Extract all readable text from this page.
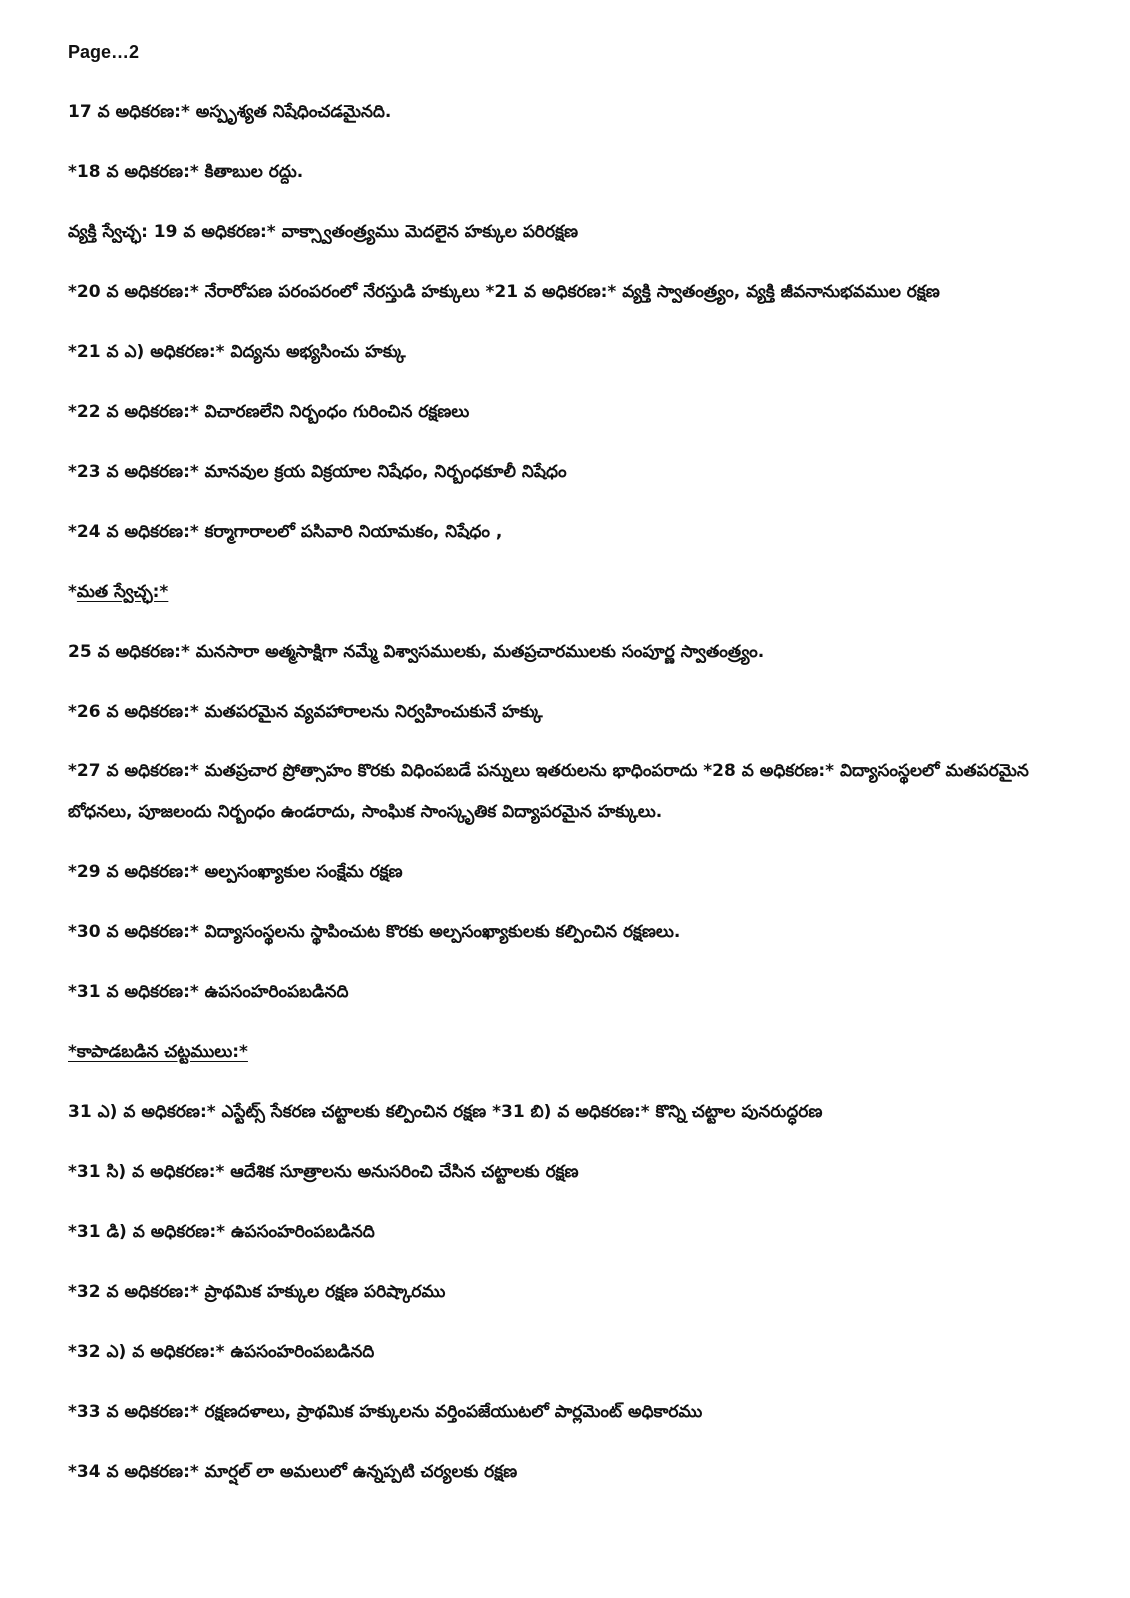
Page…2
17 వ అధికరణ:* అస్పృశ్యత నిషేధించడమైనది.
*18 వ అధికరణ:* కితాబుల రద్దు.
వ్యక్తి స్వేచ్ఛ: 19 వ అధికరణ:* వాక్స్వాతంత్ర్యము మెదలైన హక్కుల పరిరక్షణ
*20 వ అధికరణ:* నేరారోపణ పరంపరంలో నేరస్తుడి హక్కులు *21 వ అధికరణ:* వ్యక్తి స్వాతంత్ర్యం, వ్యక్తి జీవనానుభవముల రక్షణ
*21 వ ఎ) అధికరణ:* విద్యను అభ్యసించు హక్కు
*22 వ అధికరణ:* విచారణలేని నిర్బంధం గురించిన రక్షణలు
*23 వ అధికరణ:* మానవుల క్రయ విక్రయాల నిషేధం, నిర్బంధకూలీ నిషేధం
*24 వ అధికరణ:* కర్మాగారాలలో పసివారి నియామకం, నిషేధం ,
*మత స్వేచ్ఛ:*
25 వ అధికరణ:* మనసారా అత్మసాక్షిగా నమ్మే విశ్వాసములకు, మతప్రచారములకు సంపూర్ణ స్వాతంత్ర్యం.
*26 వ అధికరణ:* మతపరమైన వ్యవహారాలను నిర్వహించుకునే హక్కు
*27 వ అధికరణ:* మతప్రచార ప్రోత్సాహం కొరకు విధింపబడే పన్నులు ఇతరులను భాధింపరాదు *28 వ అధికరణ:* విద్యాసంస్థలలో మతపరమైన బోధనలు, పూజలందు నిర్బంధం ఉండరాదు, సాంఘిక సాంస్కృతిక విద్యాపరమైన హక్కులు.
*29 వ అధికరణ:* అల్పసంఖ్యాకుల సంక్షేమ రక్షణ
*30 వ అధికరణ:* విద్యాసంస్థలను స్థాపించుట కొరకు అల్పసంఖ్యాకులకు కల్పించిన రక్షణలు.
*31 వ అధికరణ:* ఉపసంహరింపబడినది
*కాపాడబడిన చట్టములు:*
31 ఎ) వ అధికరణ:* ఎస్టేట్స్ సేకరణ చట్టాలకు కల్పించిన రక్షణ *31 బి) వ అధికరణ:* కొన్ని చట్టాల పునరుద్ధరణ
*31 సి) వ అధికరణ:* ఆదేశిక సూత్రాలను అనుసరించి చేసిన చట్టాలకు రక్షణ
*31 డి) వ అధికరణ:* ఉపసంహరింపబడినది
*32 వ అధికరణ:* ప్రాథమిక హక్కుల రక్షణ పరిష్కారము
*32 ఎ) వ అధికరణ:* ఉపసంహరింపబడినది
*33 వ అధికరణ:* రక్షణదళాలు, ప్రాథమిక హక్కులను వర్తింపజేయుటలో పార్లమెంట్ అధికారము
*34 వ అధికరణ:* మార్షల్ లా అమలులో ఉన్నప్పటి చర్యలకు రక్షణ
